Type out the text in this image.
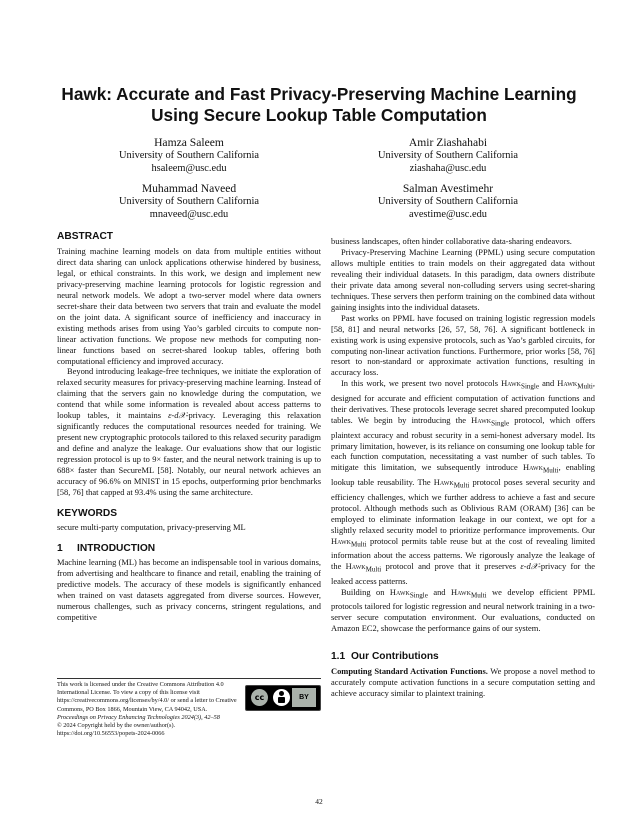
Hawk: Accurate and Fast Privacy-Preserving Machine Learning Using Secure Lookup Table Computation
Hamza Saleem
University of Southern California
hsaleem@usc.edu
Amir Ziashahabi
University of Southern California
ziashaha@usc.edu
Muhammad Naveed
University of Southern California
mnaveed@usc.edu
Salman Avestimehr
University of Southern California
avestime@usc.edu
ABSTRACT

Training machine learning models on data from multiple entities without direct data sharing can unlock applications otherwise hindered by business, legal, or ethical constraints. In this work, we design and implement new privacy-preserving machine learning protocols for logistic regression and neural network models. We adopt a two-server model where data owners secret-share their data between two servers that train and evaluate the model on the joint data. A significant source of inefficiency and inaccuracy in existing methods arises from using Yao’s garbled circuits to compute non-linear activation functions. We propose new methods for computing non-linear functions based on secret-shared lookup tables, offering both computational efficiency and improved accuracy.

Beyond introducing leakage-free techniques, we initiate the exploration of relaxed security measures for privacy-preserving machine learning. Instead of claiming that the servers gain no knowledge during the computation, we contend that while some information is revealed about access patterns to lookup tables, it maintains ε-d𝒳-privacy. Leveraging this relaxation significantly reduces the computational resources needed for training. We present new cryptographic protocols tailored to this relaxed security paradigm and define and analyze the leakage. Our evaluations show that our logistic regression protocol is up to 9× faster, and the neural network training is up to 688× faster than SecureML [58]. Notably, our neural network achieves an accuracy of 96.6% on MNIST in 15 epochs, outperforming prior benchmarks [58, 76] that capped at 93.4% using the same architecture.

KEYWORDS

secure multi-party computation, privacy-preserving ML

1 INTRODUCTION

Machine learning (ML) has become an indispensable tool in various domains, from advertising and healthcare to finance and retail, enabling the training of predictive models. The accuracy of these models is significantly enhanced when trained on vast datasets aggregated from diverse sources. However, numerous challenges, such as privacy concerns, stringent regulations, and competitive

This work is licensed under the Creative Commons Attribution 4.0 International License. To view a copy of this license visit https://creativecommons.org/licenses/by/4.0/ or send a letter to Creative Commons, PO Box 1866, Mountain View, CA 94042, USA.

Proceedings on Privacy Enhancing Technologies 2024(3), 42–58

© 2024 Copyright held by the owner/author(s).

https://doi.org/10.56553/popets-2024-0066

cc	BY

business landscapes, often hinder collaborative data-sharing endeavors.

Privacy-Preserving Machine Learning (PPML) using secure computation allows multiple entities to train models on their aggregated data without revealing their individual datasets. In this paradigm, data owners distribute their private data among several non-colluding servers using secret-sharing techniques. These servers then perform training on the combined data without gaining insights into the individual datasets.

Past works on PPML have focused on training logistic regression models [58, 81] and neural networks [26, 57, 58, 76]. A significant bottleneck in existing work is using expensive protocols, such as Yao’s garbled circuits, for computing non-linear activation functions. Furthermore, prior works [58, 76] resort to non-standard or approximate activation functions, resulting in accuracy loss.

In this work, we present two novel protocols Hawk$_{Single}$ and Hawk$_{Multi}$, designed for accurate and efficient computation of activation functions and their derivatives. These protocols leverage secret shared precomputed lookup tables. We begin by introducing the Hawk$_{Single}$ protocol, which offers plaintext accuracy and robust security in a semi-honest adversary model. Its primary limitation, however, is its reliance on consuming one lookup table for each function computation, necessitating a vast number of such tables. To mitigate this limitation, we subsequently introduce Hawk$_{Multi}$, enabling lookup table reusability. The Hawk$_{Multi}$ protocol poses several security and efficiency challenges, which we further address to achieve a fast and secure protocol. Although methods such as Oblivious RAM (ORAM) [36] can be employed to eliminate information leakage in our context, we opt for a slightly relaxed security model to prioritize performance improvements. Our Hawk$_{Multi}$ protocol permits table reuse but at the cost of revealing limited information about the access patterns. We rigorously analyze the leakage of the Hawk$_{Multi}$ protocol and prove that it preserves ε-d𝒳-privacy for the leaked access patterns.

Building on Hawk$_{Single}$ and Hawk$_{Multi}$ we develop efficient PPML protocols tailored for logistic regression and neural network training in a two-server secure computation environment. Our evaluations, conducted on Amazon EC2, showcase the performance gains of our system.

1.1 Our Contributions

Computing Standard Activation Functions. We propose a novel method to accurately compute activation functions in a secure computation setting and achieve accuracy similar to plaintext training.

42
